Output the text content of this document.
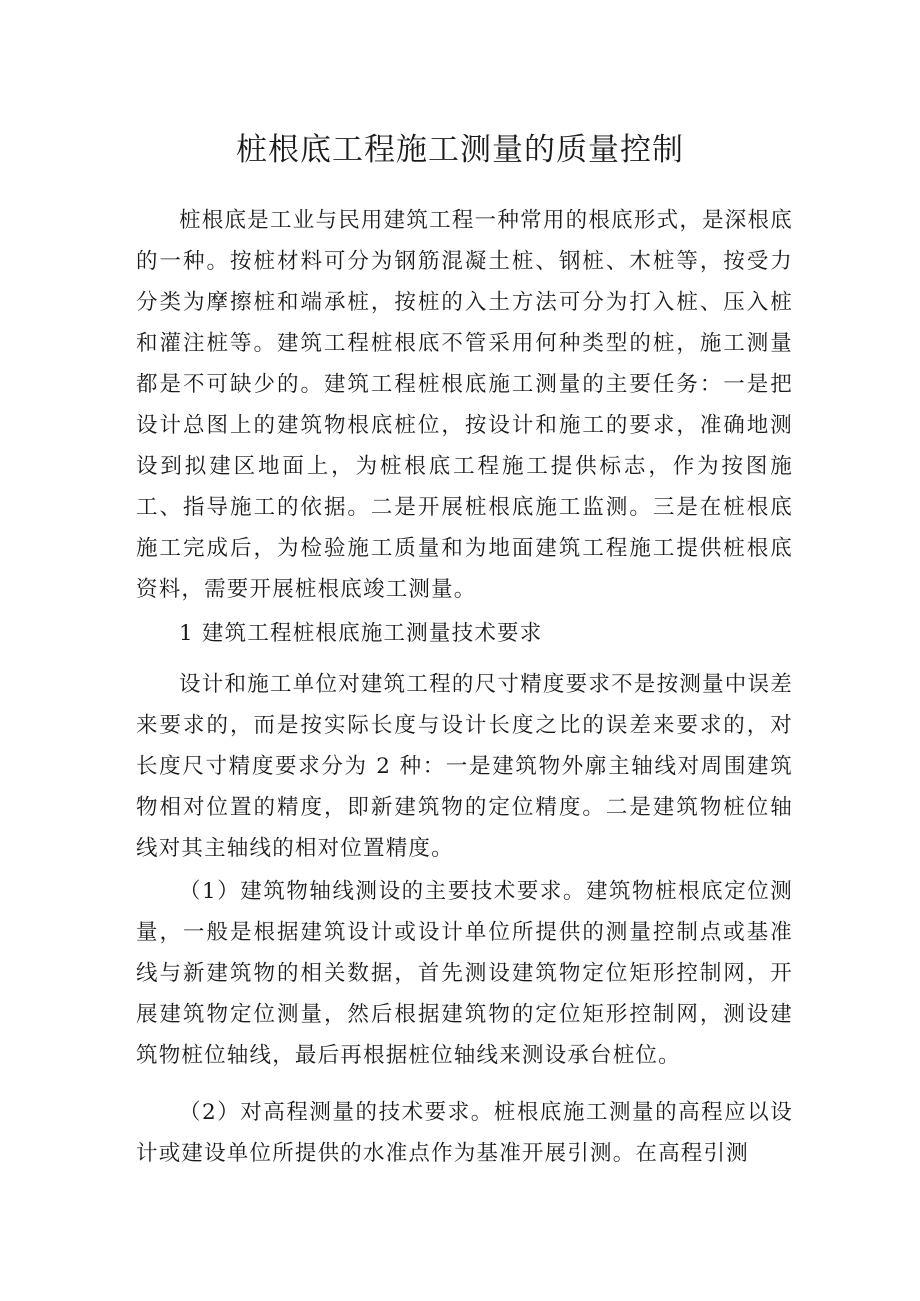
桩根底工程施工测量的质量控制

桩根底是工业与民用建筑工程一种常用的根底形式，是深根底的一种。按桩材料可分为钢筋混凝土桩、钢桩、木桩等，按受力分类为摩擦桩和端承桩，按桩的入土方法可分为打入桩、压入桩和灌注桩等。建筑工程桩根底不管采用何种类型的桩，施工测量都是不可缺少的。建筑工程桩根底施工测量的主要任务：一是把设计总图上的建筑物根底桩位，按设计和施工的要求，准确地测设到拟建区地面上，为桩根底工程施工提供标志，作为按图施工、指导施工的依据。二是开展桩根底施工监测。三是在桩根底施工完成后，为检验施工质量和为地面建筑工程施工提供桩根底资料，需要开展桩根底竣工测量。

1 建筑工程桩根底施工测量技术要求

设计和施工单位对建筑工程的尺寸精度要求不是按测量中误差来要求的，而是按实际长度与设计长度之比的误差来要求的，对长度尺寸精度要求分为 2 种：一是建筑物外廓主轴线对周围建筑物相对位置的精度，即新建筑物的定位精度。二是建筑物桩位轴线对其主轴线的相对位置精度。

（1）建筑物轴线测设的主要技术要求。建筑物桩根底定位测量，一般是根据建筑设计或设计单位所提供的测量控制点或基准线与新建筑物的相关数据，首先测设建筑物定位矩形控制网，开展建筑物定位测量，然后根据建筑物的定位矩形控制网，测设建筑物桩位轴线，最后再根据桩位轴线来测设承台桩位。

（2）对高程测量的技术要求。桩根底施工测量的高程应以设计或建设单位所提供的水准点作为基准开展引测。在高程引测
